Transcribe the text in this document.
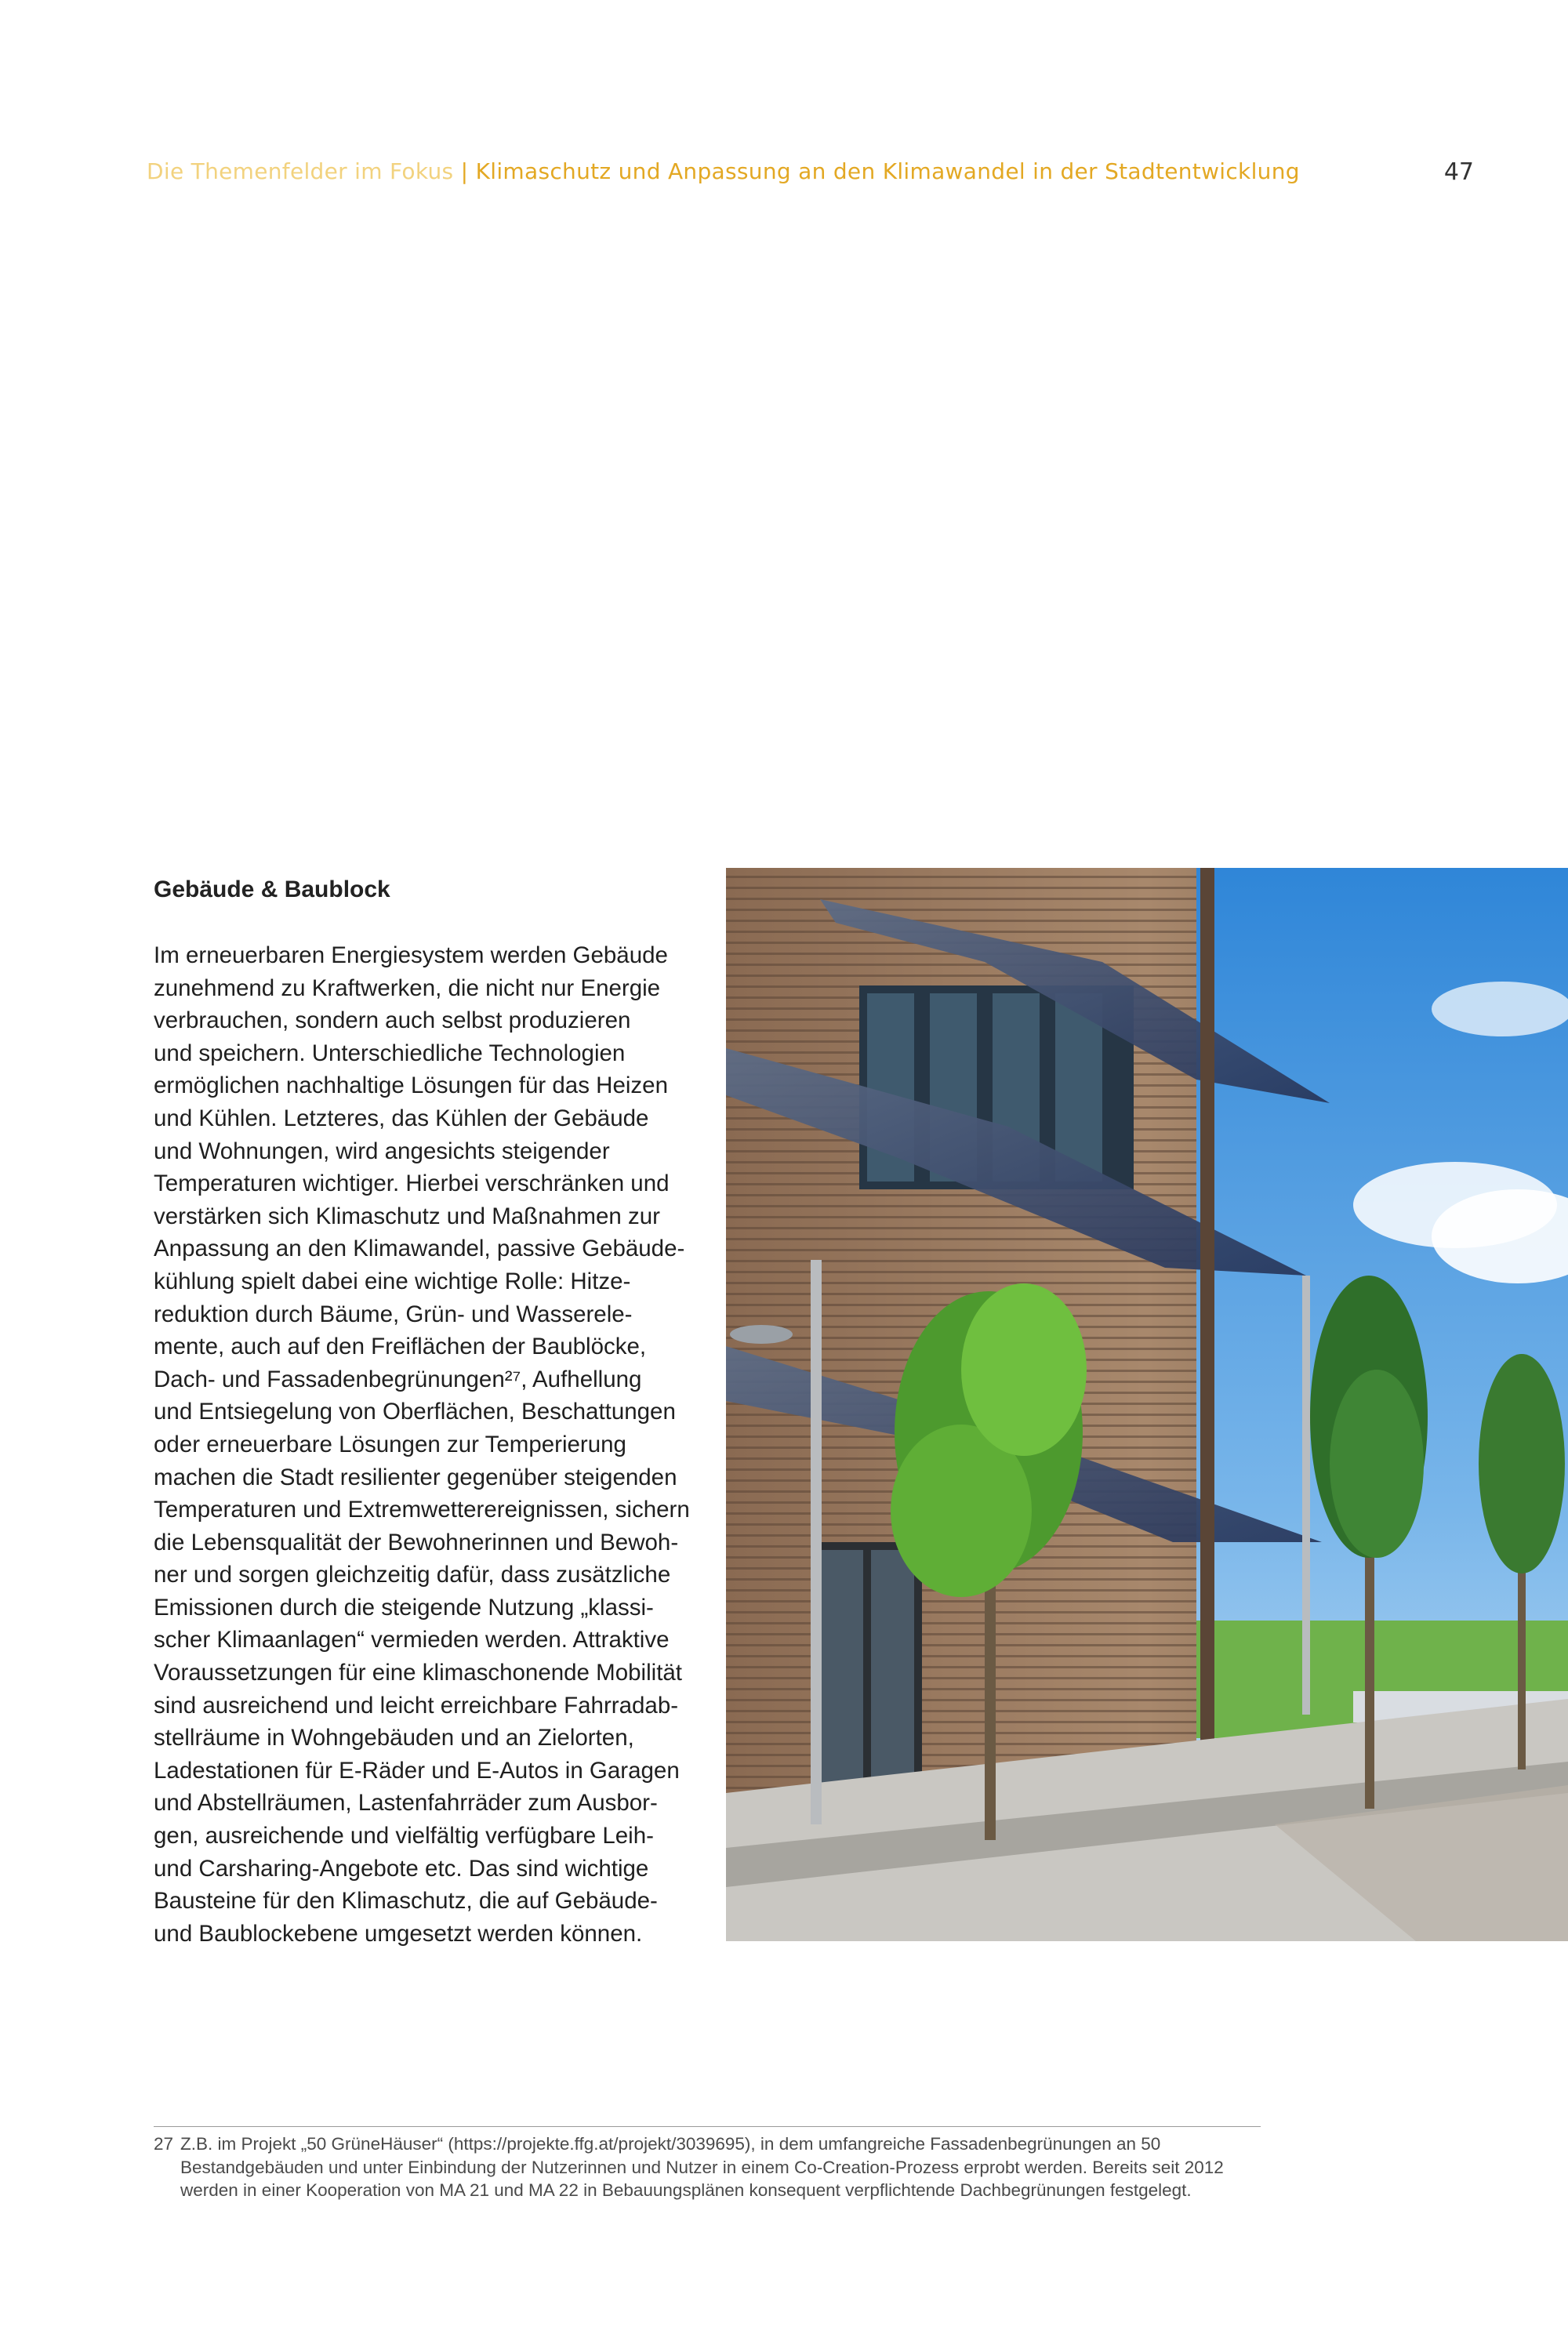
Die Themenfelder im Fokus | Klimaschutz und Anpassung an den Klimawandel in der Stadtentwicklung	47
Gebäude & Baublock

Im erneuerbaren Energiesystem werden Gebäude
zunehmend zu Kraftwerken, die nicht nur Energie
verbrauchen, sondern auch selbst produzieren
und speichern. Unterschiedliche Technologien
ermöglichen nachhaltige Lösungen für das Heizen
und Kühlen. Letzteres, das Kühlen der Gebäude
und Wohnungen, wird angesichts steigender
Temperaturen wichtiger. Hierbei verschränken und
verstärken sich Klimaschutz und Maßnahmen zur
Anpassung an den Klimawandel, passive Gebäude-
kühlung spielt dabei eine wichtige Rolle: Hitze-
reduktion durch Bäume, Grün- und Wasserele-
mente, auch auf den Freiflächen der Baublöcke,
Dach- und Fassadenbegrünungen²⁷, Aufhellung
und Entsiegelung von Oberflächen, Beschattungen
oder erneuerbare Lösungen zur Temperierung
machen die Stadt resilienter gegenüber steigenden
Temperaturen und Extremwetterereignissen, sichern
die Lebensqualität der Bewohnerinnen und Bewoh-
ner und sorgen gleichzeitig dafür, dass zusätzliche
Emissionen durch die steigende Nutzung „klassi-
scher Klimaanlagen“ vermieden werden. Attraktive
Voraussetzungen für eine klimaschonende Mobilität
sind ausreichend und leicht erreichbare Fahrradab-
stellräume in Wohngebäuden und an Zielorten,
Ladestationen für E-Räder und E-Autos in Garagen
und Abstellräumen, Lastenfahrräder zum Ausbor-
gen, ausreichende und vielfältig verfügbare Leih-
und Carsharing-Angebote etc. Das sind wichtige
Bausteine für den Klimaschutz, die auf Gebäude-
und Baublockebene umgesetzt werden können.

27 Z.B. im Projekt „50 GrüneHäuser“ (https://projekte.ffg.at/projekt/3039695), in dem umfangreiche Fassadenbegrünungen an 50 Bestandgebäuden und unter Einbindung der Nutzerinnen und Nutzer in einem Co-Creation-Prozess erprobt werden. Bereits seit 2012 werden in einer Kooperation von MA 21 und MA 22 in Bebauungsplänen konsequent verpflichtende Dachbegrünungen festgelegt.
